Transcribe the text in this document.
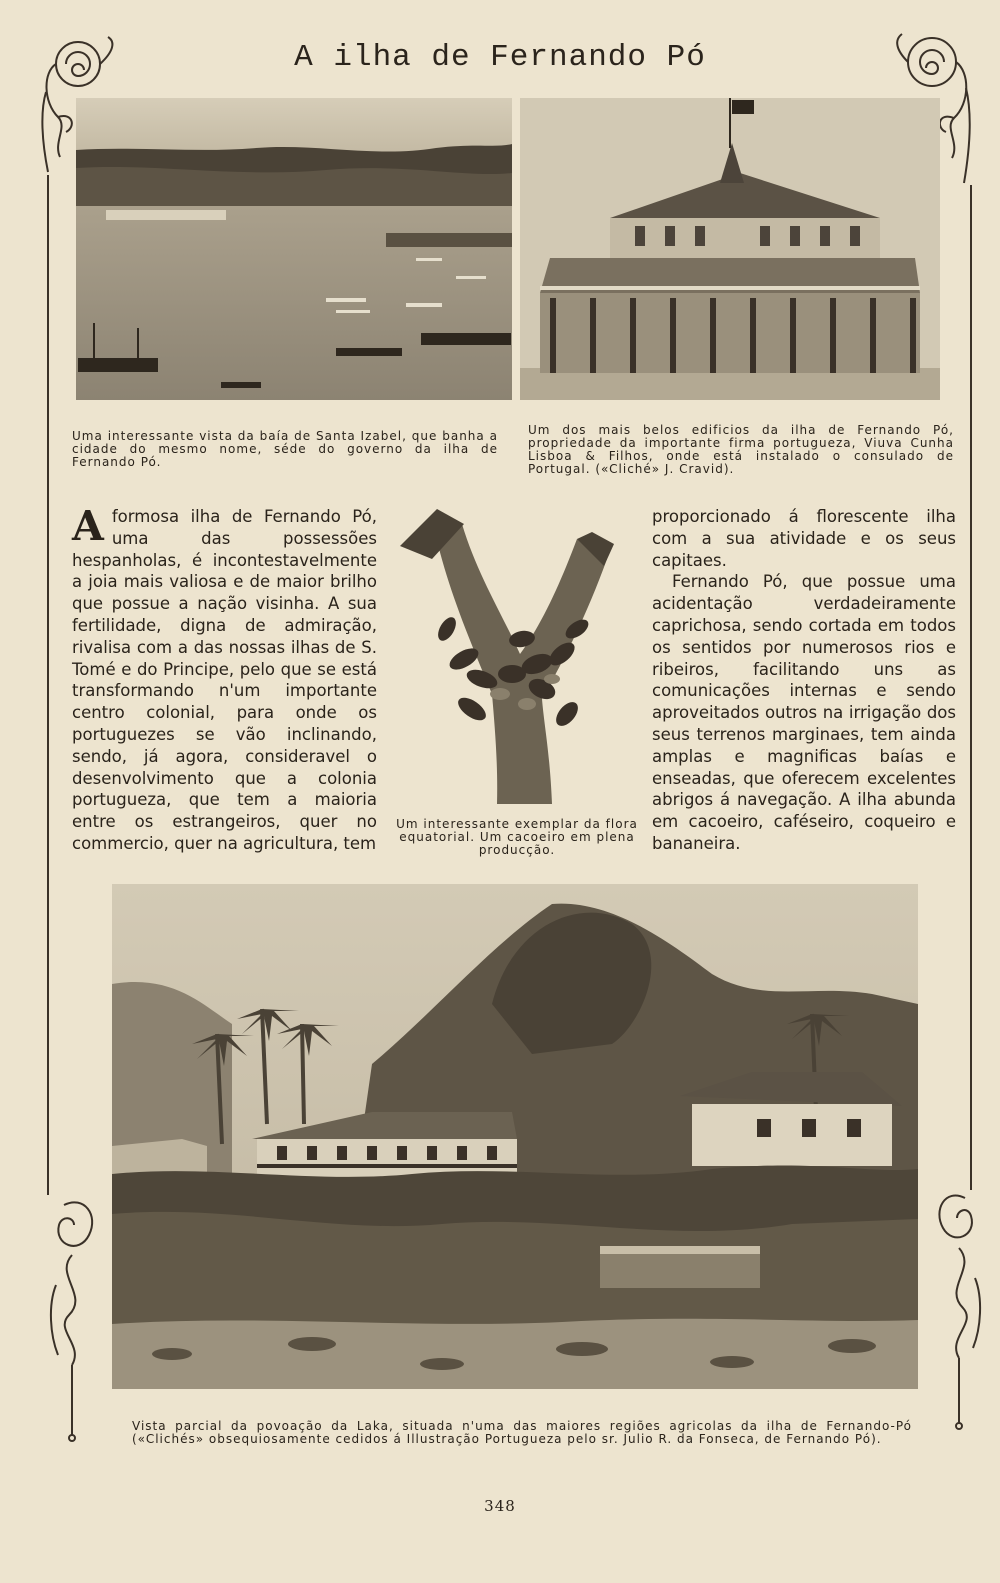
A ilha de Fernando Pó
Uma interessante vista da baía de Santa Izabel, que banha a cidade do mesmo nome, séde do governo da ilha de Fernando Pó.
Um dos mais belos edificios da ilha de Fernando Pó, propriedade da importante firma portugueza, Viuva Cunha Lisboa & Filhos, onde está instalado o consulado de Portugal. («Cliché» J. Cravid).
Aformosa ilha de Fernando Pó, uma das possessões hespanholas, é incontestavelmente a joia mais valiosa e de maior brilho que possue a nação visinha. A sua fertilidade, digna de admiração, rivalisa com a das nossas ilhas de S. Tomé e do Principe, pelo que se está transformando n'um importante centro colonial, para onde os portuguezes se vão inclinando, sendo, já agora, consideravel o desenvolvimento que a colonia portugueza, que tem a maioria entre os estrangeiros, quer no commercio, quer na agricultura, tem
Um interessante exemplar da flora equatorial. Um cacoeiro em plena producção.

proporcionado á florescente ilha com a sua atividade e os seus capitaes.

Fernando Pó, que possue uma acidentação verdadeiramente caprichosa, sendo cortada em todos os sentidos por numerosos rios e ribeiros, facilitando uns as comunicações internas e sendo aproveitados outros na irrigação dos seus terrenos marginaes, tem ainda amplas e magnificas baías e enseadas, que oferecem excelentes abrigos á navegação. A ilha abunda em cacoeiro, caféseiro, coqueiro e bananeira.

Vista parcial da povoação da Laka, situada n'uma das maiores regiões agricolas da ilha de Fernando-Pó («Clichés» obsequiosamente cedidos á Illustração Portugueza pelo sr. Julio R. da Fonseca, de Fernando Pó).
348
